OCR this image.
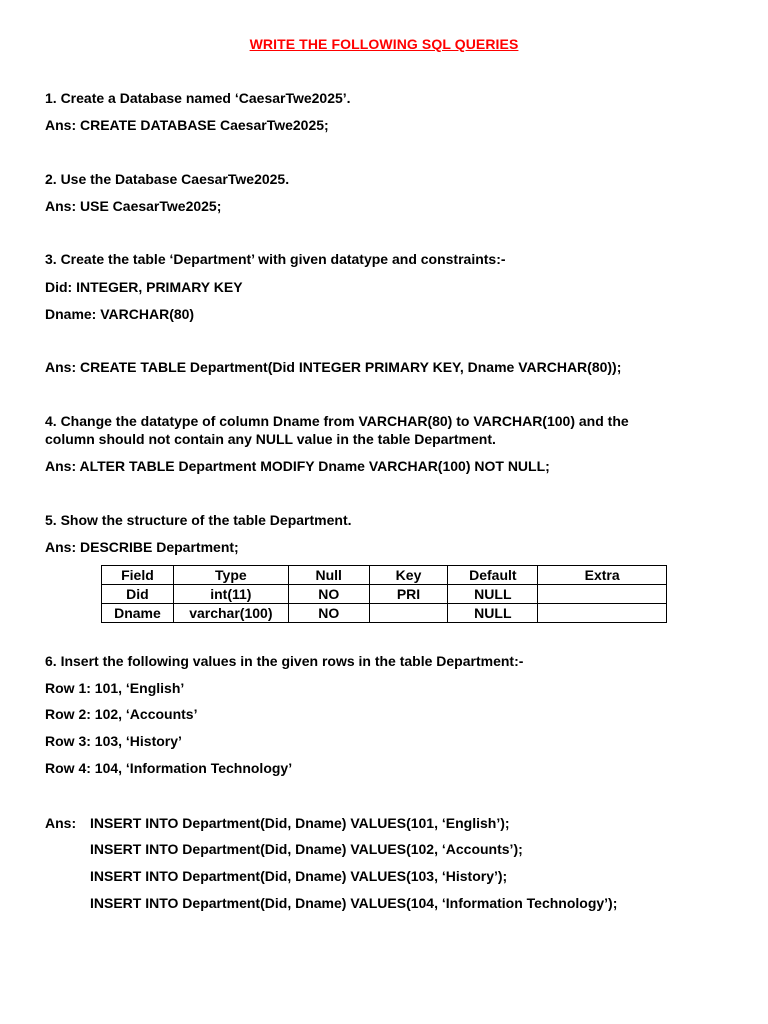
WRITE THE FOLLOWING SQL QUERIES
1. Create a Database named ‘CaesarTwe2025’.
Ans: CREATE DATABASE CaesarTwe2025;
2. Use the Database CaesarTwe2025.
Ans: USE CaesarTwe2025;
3. Create the table ‘Department’ with given datatype and constraints:-
Did: INTEGER, PRIMARY KEY
Dname: VARCHAR(80)
Ans: CREATE TABLE Department(Did INTEGER PRIMARY KEY, Dname VARCHAR(80));
4. Change the datatype of column Dname from VARCHAR(80) to VARCHAR(100) and the
column should not contain any NULL value in the table Department.
Ans: ALTER TABLE Department MODIFY Dname VARCHAR(100) NOT NULL;
5. Show the structure of the table Department.
Ans: DESCRIBE Department;
Field	Type	Null	Key	Default	Extra
Did	int(11)	NO	PRI	NULL	
Dname	varchar(100)	NO		NULL	
6. Insert the following values in the given rows in the table Department:-
Row 1: 101, ‘English’
Row 2: 102, ‘Accounts’
Row 3: 103, ‘History’
Row 4: 104, ‘Information Technology’
Ans: INSERT INTO Department(Did, Dname) VALUES(101, ‘English’);
INSERT INTO Department(Did, Dname) VALUES(102, ‘Accounts’);
INSERT INTO Department(Did, Dname) VALUES(103, ‘History’);
INSERT INTO Department(Did, Dname) VALUES(104, ‘Information Technology’);
